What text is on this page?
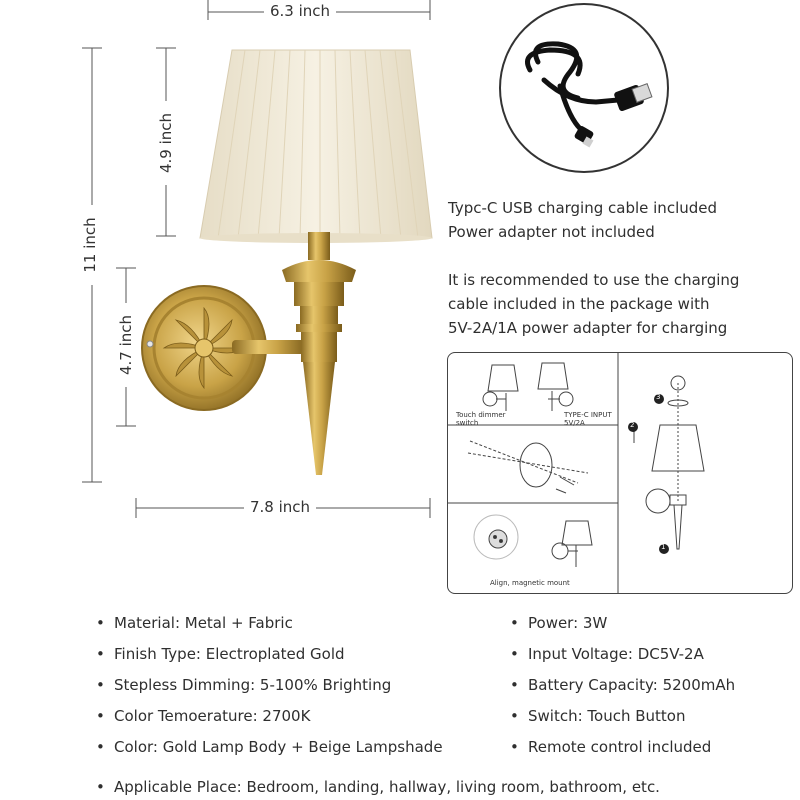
6.3 inch
11 inch
4.9 inch
4.7 inch
7.8 inch
Typc-C USB charging cable included
Power adapter not included
It is recommended to use the charging
cable included in the package with
5V-2A/1A power adapter for charging
Touch dimmer
switch
TYPE-C INPUT
5V/2A
Align, magnetic mount
3
2
1
• Material: Metal + Fabric
• Finish Type: Electroplated Gold
• Stepless Dimming: 5-100% Brighting
• Color Temoerature: 2700K
• Color: Gold Lamp Body + Beige Lampshade
• Power: 3W
• Input Voltage: DC5V-2A
• Battery Capacity: 5200mAh
• Switch: Touch Button
• Remote control included
• Applicable Place: Bedroom, landing, hallway, living room, bathroom, etc.
